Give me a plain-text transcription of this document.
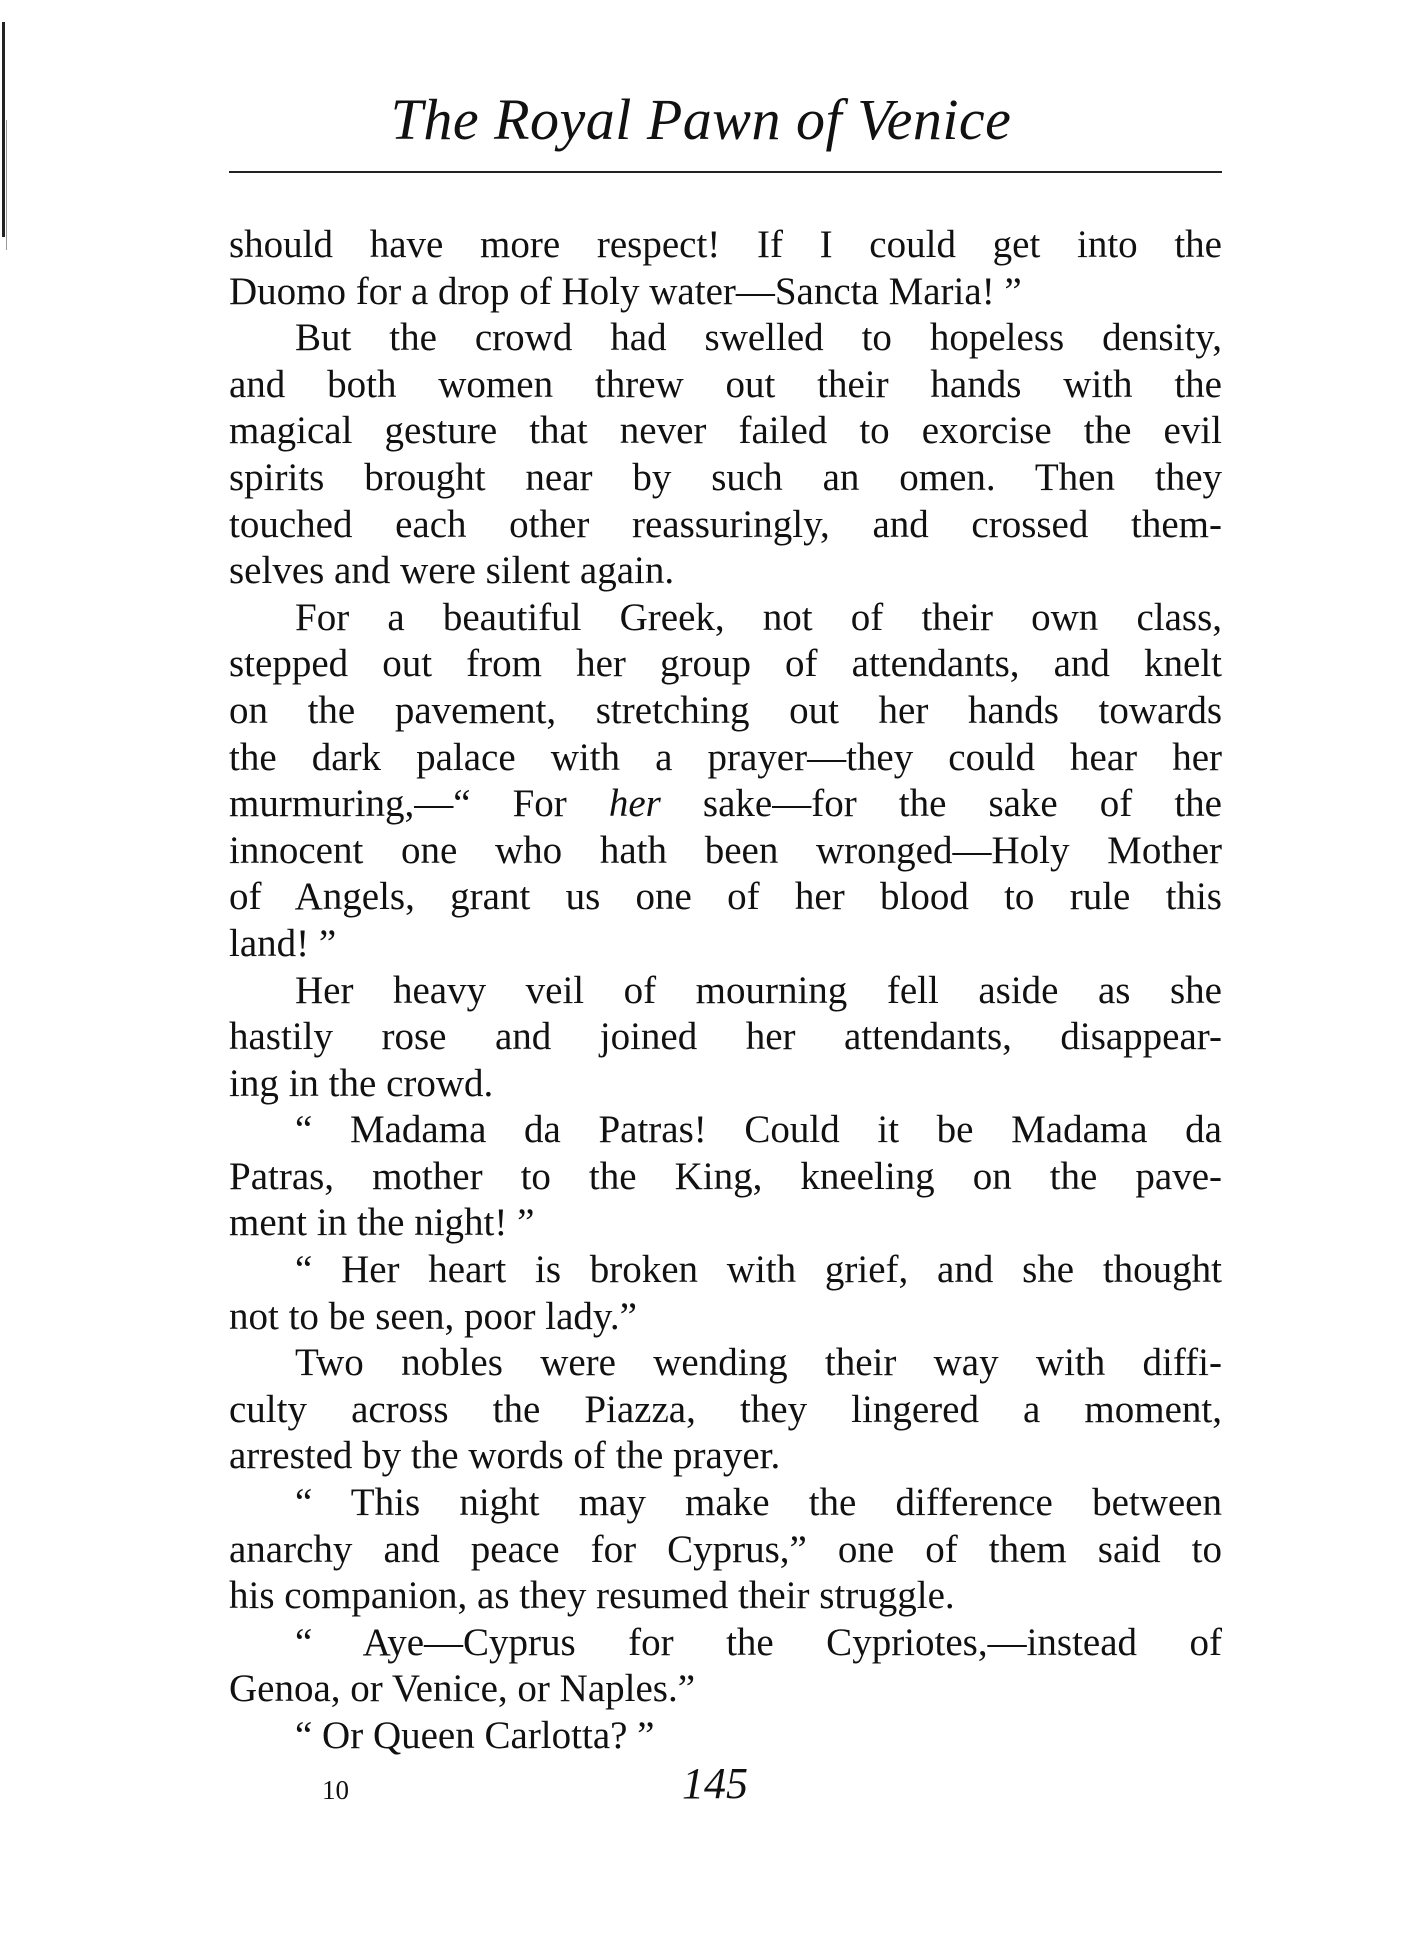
The Royal Pawn of Venice
should have more respect! If I could get into the
Duomo for a drop of Holy water—Sancta Maria! ”
But the crowd had swelled to hopeless density,
and both women threw out their hands with the
magical gesture that never failed to exorcise the evil
spirits brought near by such an omen. Then they
touched each other reassuringly, and crossed them-
selves and were silent again.
For a beautiful Greek, not of their own class,
stepped out from her group of attendants, and knelt
on the pavement, stretching out her hands towards
the dark palace with a prayer—they could hear her
murmuring,—“ For her sake—for the sake of the
innocent one who hath been wronged—Holy Mother
of Angels, grant us one of her blood to rule this
land! ”
Her heavy veil of mourning fell aside as she
hastily rose and joined her attendants, disappear-
ing in the crowd.
“ Madama da Patras! Could it be Madama da
Patras, mother to the King, kneeling on the pave-
ment in the night! ”
“ Her heart is broken with grief, and she thought
not to be seen, poor lady.”
Two nobles were wending their way with diffi-
culty across the Piazza, they lingered a moment,
arrested by the words of the prayer.
“ This night may make the difference between
anarchy and peace for Cyprus,” one of them said to
his companion, as they resumed their struggle.
“ Aye—Cyprus for the Cypriotes,—instead of
Genoa, or Venice, or Naples.”
“ Or Queen Carlotta? ”
10	145
